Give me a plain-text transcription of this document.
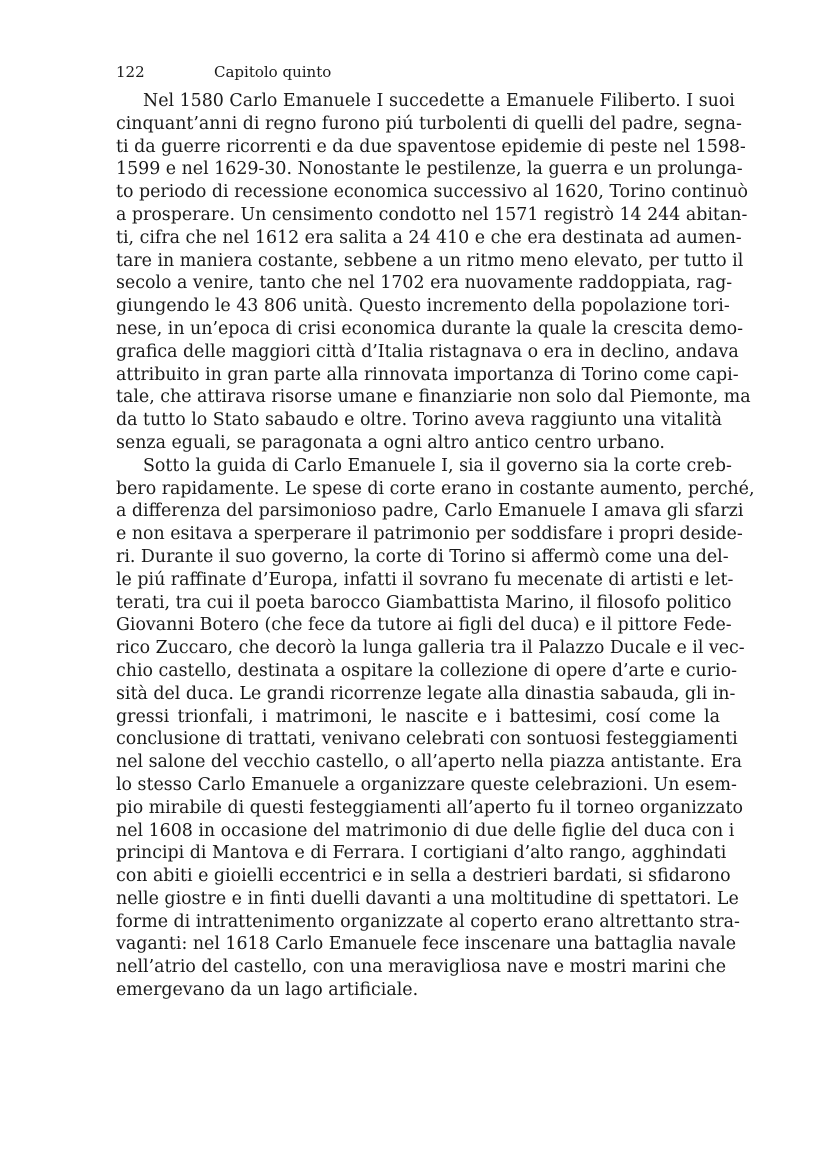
122	Capitolo quinto
Nel 1580 Carlo Emanuele I succedette a Emanuele Filiberto. I suoi
cinquant’anni di regno furono piú turbolenti di quelli del padre, segna-
ti da guerre ricorrenti e da due spaventose epidemie di peste nel 1598-
1599 e nel 1629-30. Nonostante le pestilenze, la guerra e un prolunga-
to periodo di recessione economica successivo al 1620, Torino continuò
a prosperare. Un censimento condotto nel 1571 registrò 14 244 abitan-
ti, cifra che nel 1612 era salita a 24 410 e che era destinata ad aumen-
tare in maniera costante, sebbene a un ritmo meno elevato, per tutto il
secolo a venire, tanto che nel 1702 era nuovamente raddoppiata, rag-
giungendo le 43 806 unità. Questo incremento della popolazione tori-
nese, in un’epoca di crisi economica durante la quale la crescita demo-
grafica delle maggiori città d’Italia ristagnava o era in declino, andava
attribuito in gran parte alla rinnovata importanza di Torino come capi-
tale, che attirava risorse umane e finanziarie non solo dal Piemonte, ma
da tutto lo Stato sabaudo e oltre. Torino aveva raggiunto una vitalità
senza eguali, se paragonata a ogni altro antico centro urbano.
Sotto la guida di Carlo Emanuele I, sia il governo sia la corte creb-
bero rapidamente. Le spese di corte erano in costante aumento, perché,
a differenza del parsimonioso padre, Carlo Emanuele I amava gli sfarzi
e non esitava a sperperare il patrimonio per soddisfare i propri deside-
ri. Durante il suo governo, la corte di Torino si affermò come una del-
le piú raffinate d’Europa, infatti il sovrano fu mecenate di artisti e let-
terati, tra cui il poeta barocco Giambattista Marino, il filosofo politico
Giovanni Botero (che fece da tutore ai figli del duca) e il pittore Fede-
rico Zuccaro, che decorò la lunga galleria tra il Palazzo Ducale e il vec-
chio castello, destinata a ospitare la collezione di opere d’arte e curio-
sità del duca. Le grandi ricorrenze legate alla dinastia sabauda, gli in-
gressi trionfali, i matrimoni, le nascite e i battesimi, cosí come la
conclusione di trattati, venivano celebrati con sontuosi festeggiamenti
nel salone del vecchio castello, o all’aperto nella piazza antistante. Era
lo stesso Carlo Emanuele a organizzare queste celebrazioni. Un esem-
pio mirabile di questi festeggiamenti all’aperto fu il torneo organizzato
nel 1608 in occasione del matrimonio di due delle figlie del duca con i
principi di Mantova e di Ferrara. I cortigiani d’alto rango, agghindati
con abiti e gioielli eccentrici e in sella a destrieri bardati, si sfidarono
nelle giostre e in finti duelli davanti a una moltitudine di spettatori. Le
forme di intrattenimento organizzate al coperto erano altrettanto stra-
vaganti: nel 1618 Carlo Emanuele fece inscenare una battaglia navale
nell’atrio del castello, con una meravigliosa nave e mostri marini che
emergevano da un lago artificiale.
